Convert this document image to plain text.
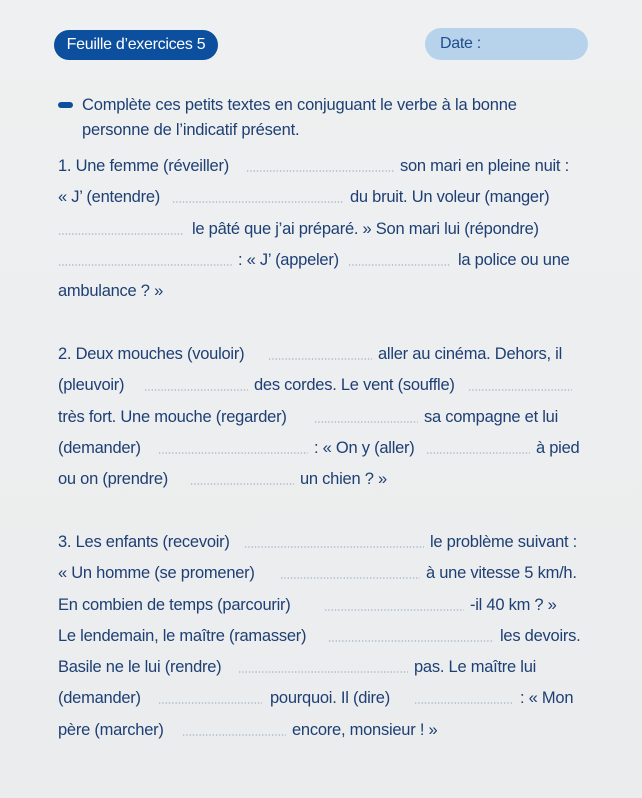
Feuille d’exercices 5	Date :
Complète ces petits textes en conjuguant le verbe à la bonne
personne de l’indicatif présent.
1. Une femme (réveiller)	son mari en pleine nuit :
« J’ (entendre)	du bruit. Un voleur (manger)
le pâté que j’ai préparé. » Son mari lui (répondre)
: « J’ (appeler)	la police ou une
ambulance ? »
2. Deux mouches (vouloir)	aller au cinéma. Dehors, il
(pleuvoir)	des cordes. Le vent (souffle)
très fort. Une mouche (regarder)	sa compagne et lui
(demander)	: « On y (aller)	à pied
ou on (prendre)	un chien ? »
3. Les enfants (recevoir)	le problème suivant :
« Un homme (se promener)	à une vitesse 5 km/h.
En combien de temps (parcourir)	-il 40 km ? »
Le lendemain, le maître (ramasser)	les devoirs.
Basile ne le lui (rendre)	pas. Le maître lui
(demander)	pourquoi. Il (dire)	: « Mon
père (marcher)	encore, monsieur ! »
